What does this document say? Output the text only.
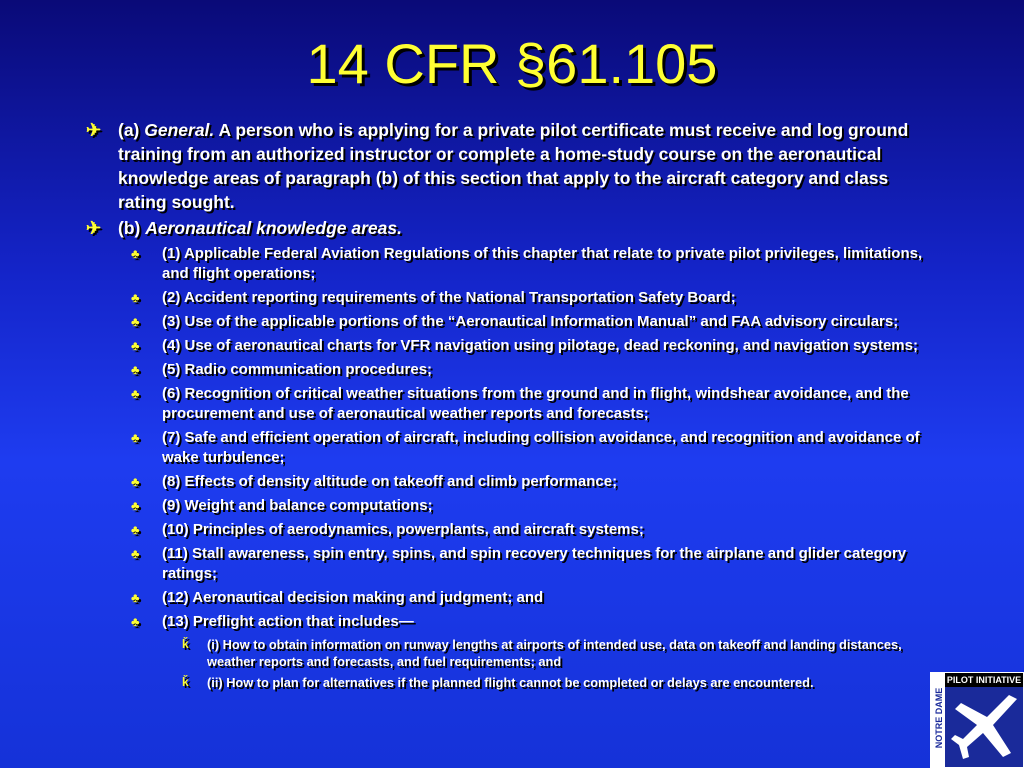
14 CFR §61.105
✈ (a) General. A person who is applying for a private pilot certificate must receive and log ground training from an authorized instructor or complete a home-study course on the aeronautical knowledge areas of paragraph (b) of this section that apply to the aircraft category and class rating sought.
✈ (b) Aeronautical knowledge areas.
♣ (1) Applicable Federal Aviation Regulations of this chapter that relate to private pilot privileges, limitations, and flight operations;
♣ (2) Accident reporting requirements of the National Transportation Safety Board;
♣ (3) Use of the applicable portions of the “Aeronautical Information Manual” and FAA advisory circulars;
♣ (4) Use of aeronautical charts for VFR navigation using pilotage, dead reckoning, and navigation systems;
♣ (5) Radio communication procedures;
♣ (6) Recognition of critical weather situations from the ground and in flight, windshear avoidance, and the procurement and use of aeronautical weather reports and forecasts;
♣ (7) Safe and efficient operation of aircraft, including collision avoidance, and recognition and avoidance of wake turbulence;
♣ (8) Effects of density altitude on takeoff and climb performance;
♣ (9) Weight and balance computations;
♣ (10) Principles of aerodynamics, powerplants, and aircraft systems;
♣ (11) Stall awareness, spin entry, spins, and spin recovery techniques for the airplane and glider category ratings;
♣ (12) Aeronautical decision making and judgment; and
♣ (13) Preflight action that includes—
ǩ (i) How to obtain information on runway lengths at airports of intended use, data on takeoff and landing distances, weather reports and forecasts, and fuel requirements; and
ǩ (ii) How to plan for alternatives if the planned flight cannot be completed or delays are encountered.
NOTRE DAME
PILOT INITIATIVE
